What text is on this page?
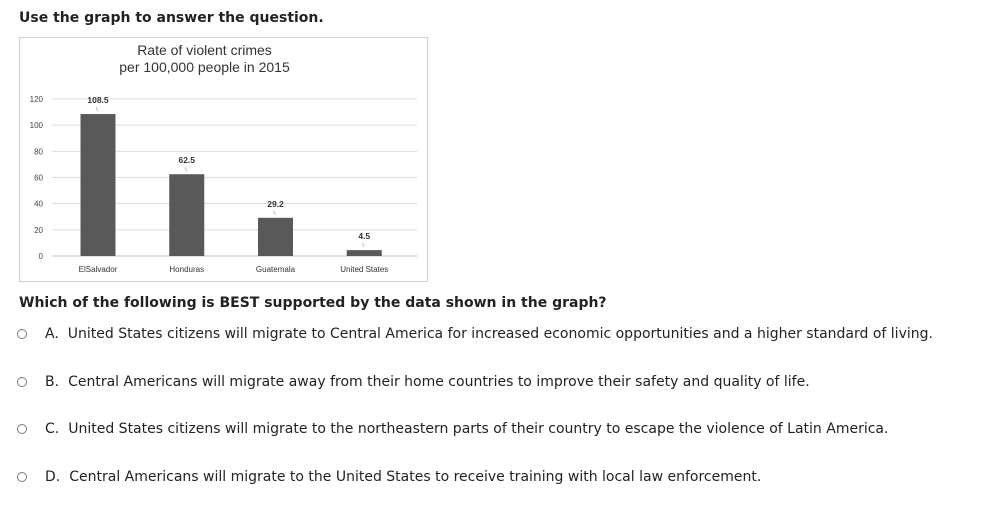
Use the graph to answer the question.
Rate of violent crimes
per 100,000 people in 2015
0
20
40
60
80
100
120	108.5
62.5
29.2
4.5
ElSalvador	Honduras	Guatemala	United States
Which of the following is BEST supported by the data shown in the graph?
A. United States citizens will migrate to Central America for increased economic opportunities and a higher standard of living.
B. Central Americans will migrate away from their home countries to improve their safety and quality of life.
C. United States citizens will migrate to the northeastern parts of their country to escape the violence of Latin America.
D. Central Americans will migrate to the United States to receive training with local law enforcement.
